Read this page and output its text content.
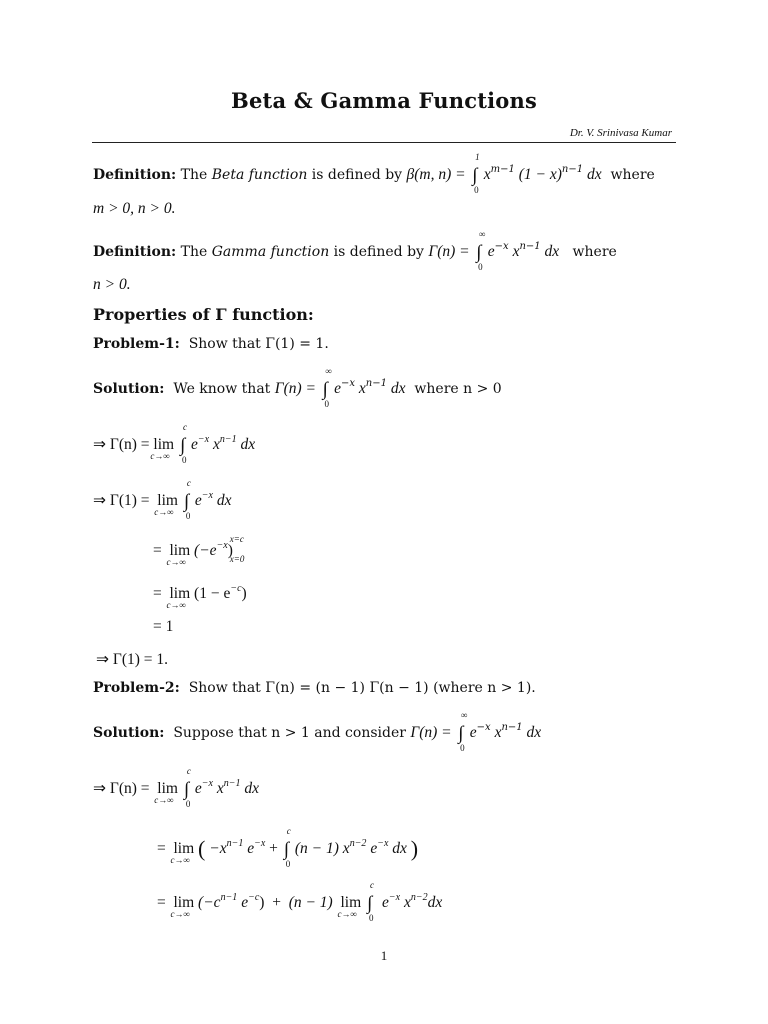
Beta & Gamma Functions
Dr. V. Srinivasa Kumar
Definition: The Beta function is defined by β(m, n) = ∫
1
0
$x^{m-1}$ $(1 - x)^{n-1}$ dx where
m > 0, n > 0.
Definition: The Gamma function is defined by Γ(n) = ∫
∞
0
$e^{-x}$ $x^{n-1}$ dx where
n > 0.
Properties of Γ function:
Problem-1: Show that Γ(1) = 1.
Solution: We know that Γ(n) = ∫
∞
0
$e^{-x}$ $x^{n-1}$ dx where n > 0
⇒ Γ(n) = lim
c→∞ ∫
c
0
$e^{-x}$ $x^{n-1}$ dx
⇒ Γ(1) = lim
c→∞ ∫
c
0
$e^{-x}$ dx
= lim
c→∞
$(-e^{-x})$
x=c
x=0
= lim
c→∞
$(1 - e^{-c})$
= 1
⇒ Γ(1) = 1.
Problem-2: Show that Γ(n) = (n − 1) Γ(n − 1) (where n > 1).
Solution: Suppose that n > 1 and consider Γ(n) = ∫
∞
0
$e^{-x}$ $x^{n-1}$ dx
⇒ Γ(n) = lim
c→∞ ∫
c
0
$e^{-x}$ $x^{n-1}$ dx
= lim
c→∞ ( $-x^{n-1}$ $e^{-x}$ + ∫
c
0
(n − 1) $x^{n-2}$ $e^{-x}$ dx )
= lim
c→∞
($-c^{n-1}$ $e^{-c}) + (n - 1)$ lim
c→∞ ∫
c
0
$e^{-x}$ $x^{n-2}dx$
1
